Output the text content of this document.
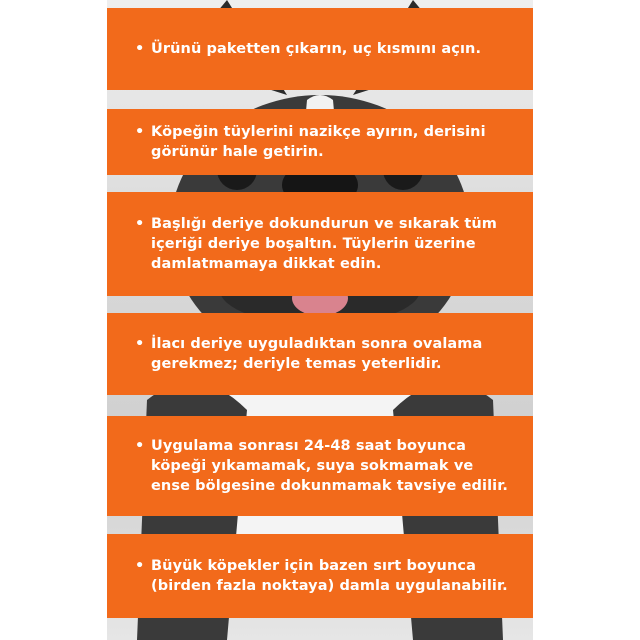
• Ürünü paketten çıkarın, uç kısmını açın.
• Köpeğin tüylerini nazikçe ayırın, derisini görünür hale getirin.
• Başlığı deriye dokundurun ve sıkarak tüm içeriği deriye boşaltın. Tüylerin üzerine damlatmamaya dikkat edin.
• İlacı deriye uyguladıktan sonra ovalama gerekmez; deriyle temas yeterlidir.
• Uygulama sonrası 24-48 saat boyunca köpeği yıkamamak, suya sokmamak ve ense bölgesine dokunmamak tavsiye edilir.
• Büyük köpekler için bazen sırt boyunca (birden fazla noktaya) damla uygulanabilir.
